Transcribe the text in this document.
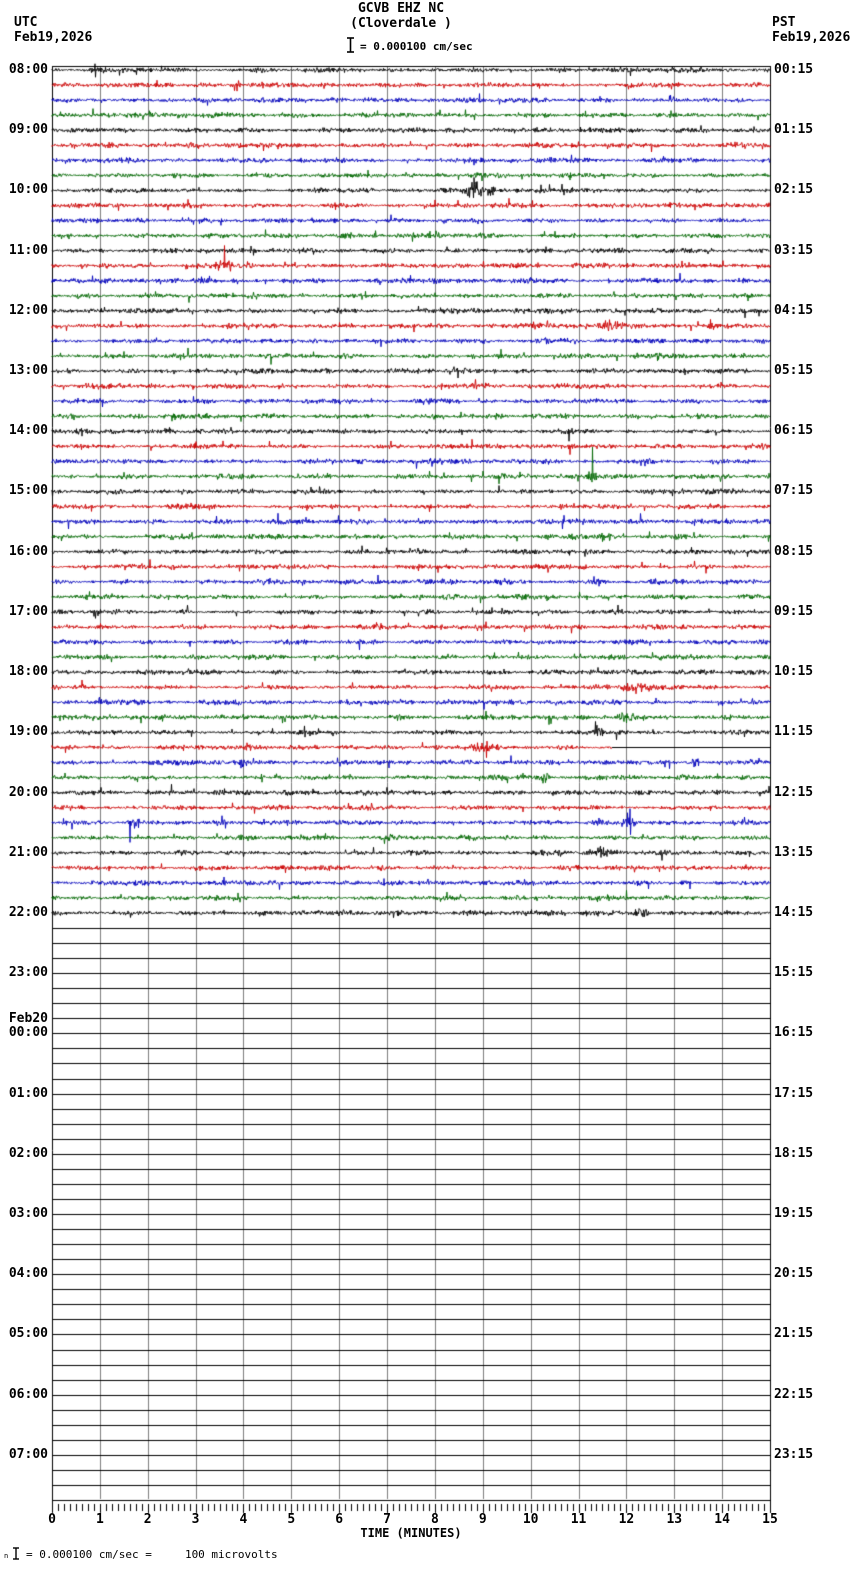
GCVB EHZ NC
(Cloverdale )
= 0.000100 cm/sec
UTC
Feb19,2026
PST
Feb19,2026
08:00
09:00
10:00
11:00
12:00
13:00
14:00
15:00
16:00
17:00
18:00
19:00
20:00
21:00
22:00
23:00
Feb20
00:00
01:00
02:00
03:00
04:00
05:00
06:00
07:00
00:15
01:15
02:15
03:15
04:15
05:15
06:15
07:15
08:15
09:15
10:15
11:15
12:15
13:15
14:15
15:15
16:15
17:15
18:15
19:15
20:15
21:15
22:15
23:15
0	1	2	3	4	5	6	7	8	9	10	11	12	13	14	15
TIME (MINUTES)
n = 0.000100 cm/sec =     100 microvolts
